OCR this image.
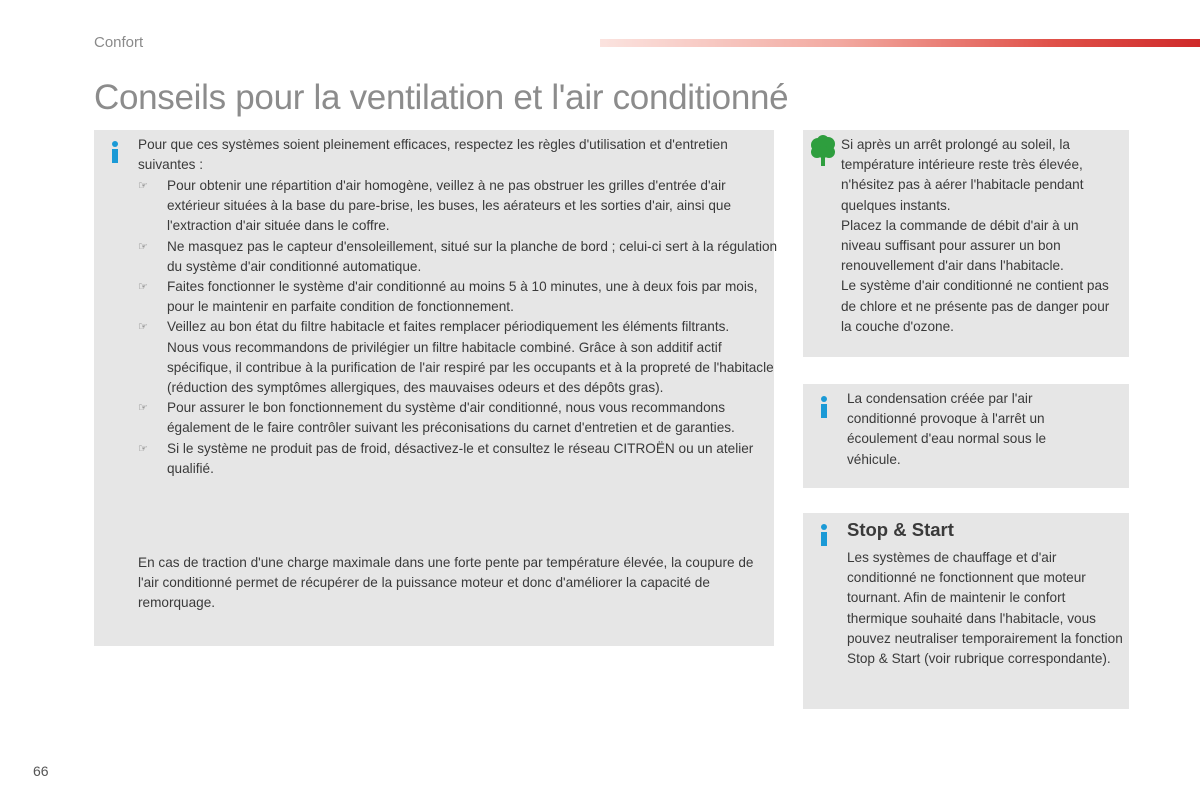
Confort
Conseils pour la ventilation et l'air conditionné
Pour que ces systèmes soient pleinement efficaces, respectez les règles d'utilisation et d'entretien suivantes :
☞ Pour obtenir une répartition d'air homogène, veillez à ne pas obstruer les grilles d'entrée d'air extérieur situées à la base du pare-brise, les buses, les aérateurs et les sorties d'air, ainsi que l'extraction d'air située dans le coffre.
☞ Ne masquez pas le capteur d'ensoleillement, situé sur la planche de bord ; celui-ci sert à la régulation du système d'air conditionné automatique.
☞ Faites fonctionner le système d'air conditionné au moins 5 à 10 minutes, une à deux fois par mois, pour le maintenir en parfaite condition de fonctionnement.
☞ Veillez au bon état du filtre habitacle et faites remplacer périodiquement les éléments filtrants.
Nous vous recommandons de privilégier un filtre habitacle combiné. Grâce à son additif actif spécifique, il contribue à la purification de l'air respiré par les occupants et à la propreté de l'habitacle (réduction des symptômes allergiques, des mauvaises odeurs et des dépôts gras).
☞ Pour assurer le bon fonctionnement du système d'air conditionné, nous vous recommandons également de le faire contrôler suivant les préconisations du carnet d'entretien et de garanties.
☞ Si le système ne produit pas de froid, désactivez-le et consultez le réseau CITROËN ou un atelier qualifié.
En cas de traction d'une charge maximale dans une forte pente par température élevée, la coupure de l'air conditionné permet de récupérer de la puissance moteur et donc d'améliorer la capacité de remorquage.
Si après un arrêt prolongé au soleil, la température intérieure reste très élevée, n'hésitez pas à aérer l'habitacle pendant quelques instants.
Placez la commande de débit d'air à un niveau suffisant pour assurer un bon renouvellement d'air dans l'habitacle.
Le système d'air conditionné ne contient pas de chlore et ne présente pas de danger pour la couche d'ozone.
La condensation créée par l'air conditionné provoque à l'arrêt un écoulement d'eau normal sous le véhicule.
Stop & Start
Les systèmes de chauffage et d'air conditionné ne fonctionnent que moteur tournant. Afin de maintenir le confort thermique souhaité dans l'habitacle, vous pouvez neutraliser temporairement la fonction Stop & Start (voir rubrique correspondante).
66
